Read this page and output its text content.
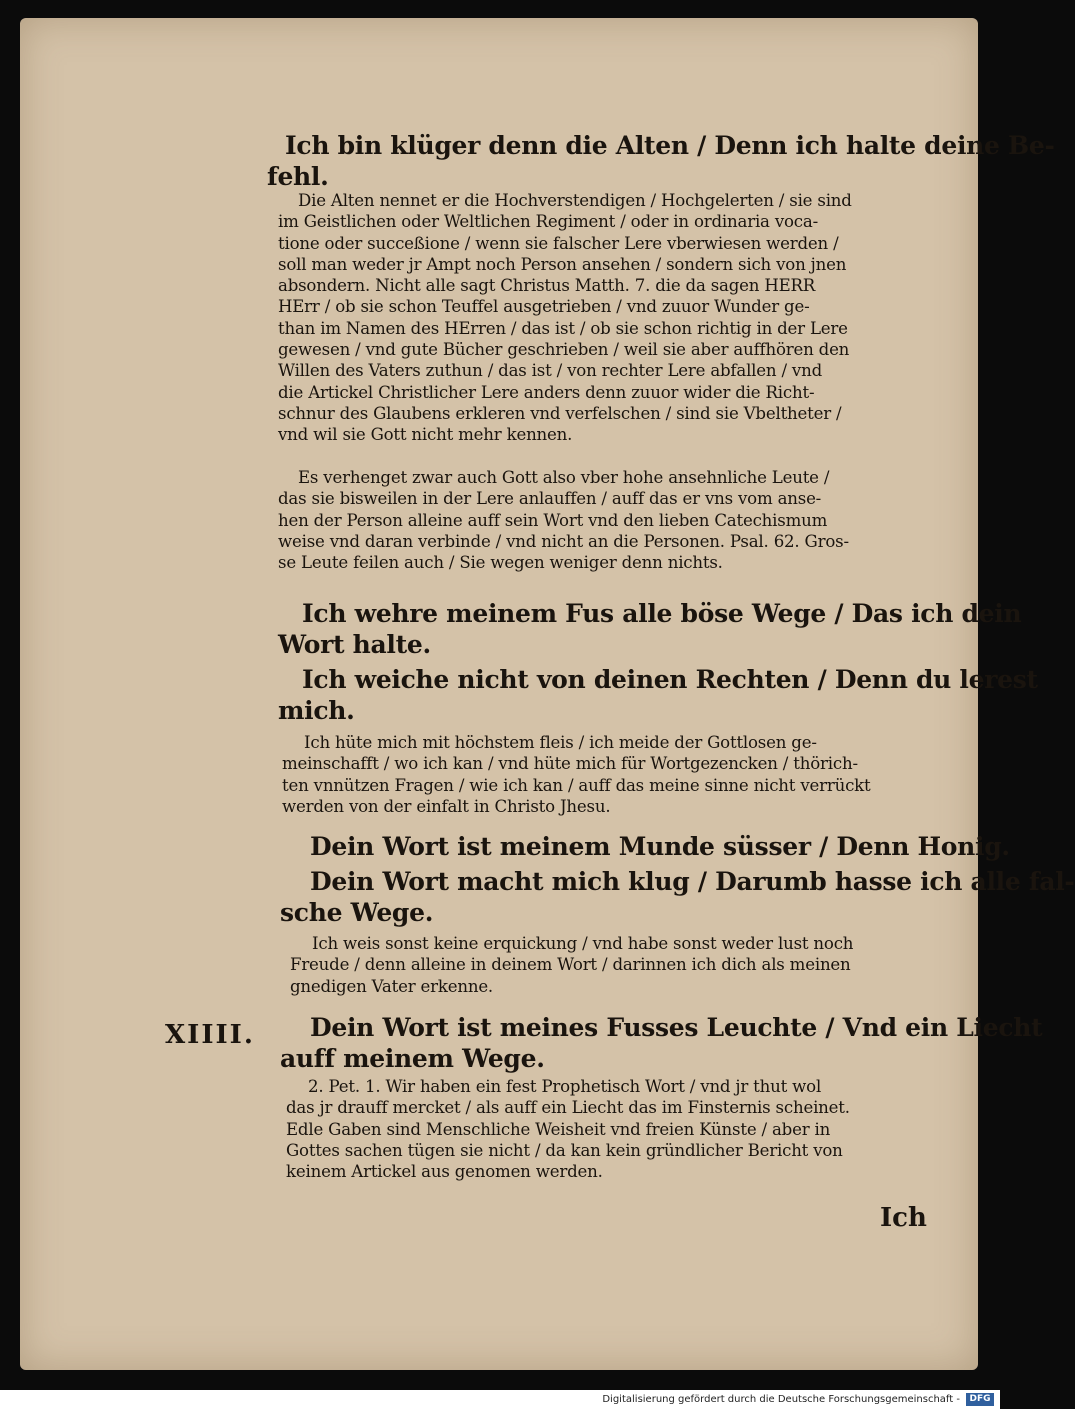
Ich bin klüger denn die Alten / Denn ich halte deine Be-
fehl.
Die Alten nennet er die Hochverstendigen / Hochgelerten / sie sind
im Geistlichen oder Weltlichen Regiment / oder in ordinaria voca-
tione oder succeßione / wenn sie falscher Lere vberwiesen werden /
soll man weder jr Ampt noch Person ansehen / sondern sich von jnen
absondern. Nicht alle sagt Christus Matth. 7. die da sagen HERR
HErr / ob sie schon Teuffel ausgetrieben / vnd zuuor Wunder ge-
than im Namen des HErren / das ist / ob sie schon richtig in der Lere
gewesen / vnd gute Bücher geschrieben / weil sie aber auffhören den
Willen des Vaters zuthun / das ist / von rechter Lere abfallen / vnd
die Artickel Christlicher Lere anders denn zuuor wider die Richt-
schnur des Glaubens erkleren vnd verfelschen / sind sie Vbeltheter /
vnd wil sie Gott nicht mehr kennen.
Es verhenget zwar auch Gott also vber hohe ansehnliche Leute /
das sie bisweilen in der Lere anlauffen / auff das er vns vom anse-
hen der Person alleine auff sein Wort vnd den lieben Catechismum
weise vnd daran verbinde / vnd nicht an die Personen. Psal. 62. Gros-
se Leute feilen auch / Sie wegen weniger denn nichts.
Ich wehre meinem Fus alle böse Wege / Das ich dein
Wort halte.
Ich weiche nicht von deinen Rechten / Denn du lerest
mich.
Ich hüte mich mit höchstem fleis / ich meide der Gottlosen ge-
meinschafft / wo ich kan / vnd hüte mich für Wortgezencken / thörich-
ten vnnützen Fragen / wie ich kan / auff das meine sinne nicht verrückt
werden von der einfalt in Christo Jhesu.
Dein Wort ist meinem Munde süsser / Denn Honig.
Dein Wort macht mich klug / Darumb hasse ich alle fal-
sche Wege.
Ich weis sonst keine erquickung / vnd habe sonst weder lust noch
Freude / denn alleine in deinem Wort / darinnen ich dich als meinen
gnedigen Vater erkenne.
Dein Wort ist meines Fusses Leuchte / Vnd ein Liecht
auff meinem Wege.
2. Pet. 1. Wir haben ein fest Prophetisch Wort / vnd jr thut wol
das jr drauff mercket / als auff ein Liecht das im Finsternis scheinet.
Edle Gaben sind Menschliche Weisheit vnd freien Künste / aber in
Gottes sachen tügen sie nicht / da kan kein gründlicher Bericht von
keinem Artickel aus genomen werden.
XIIII.
Ich
Digitalisierung gefördert durch die Deutsche Forschungsgemeinschaft -	DFG
